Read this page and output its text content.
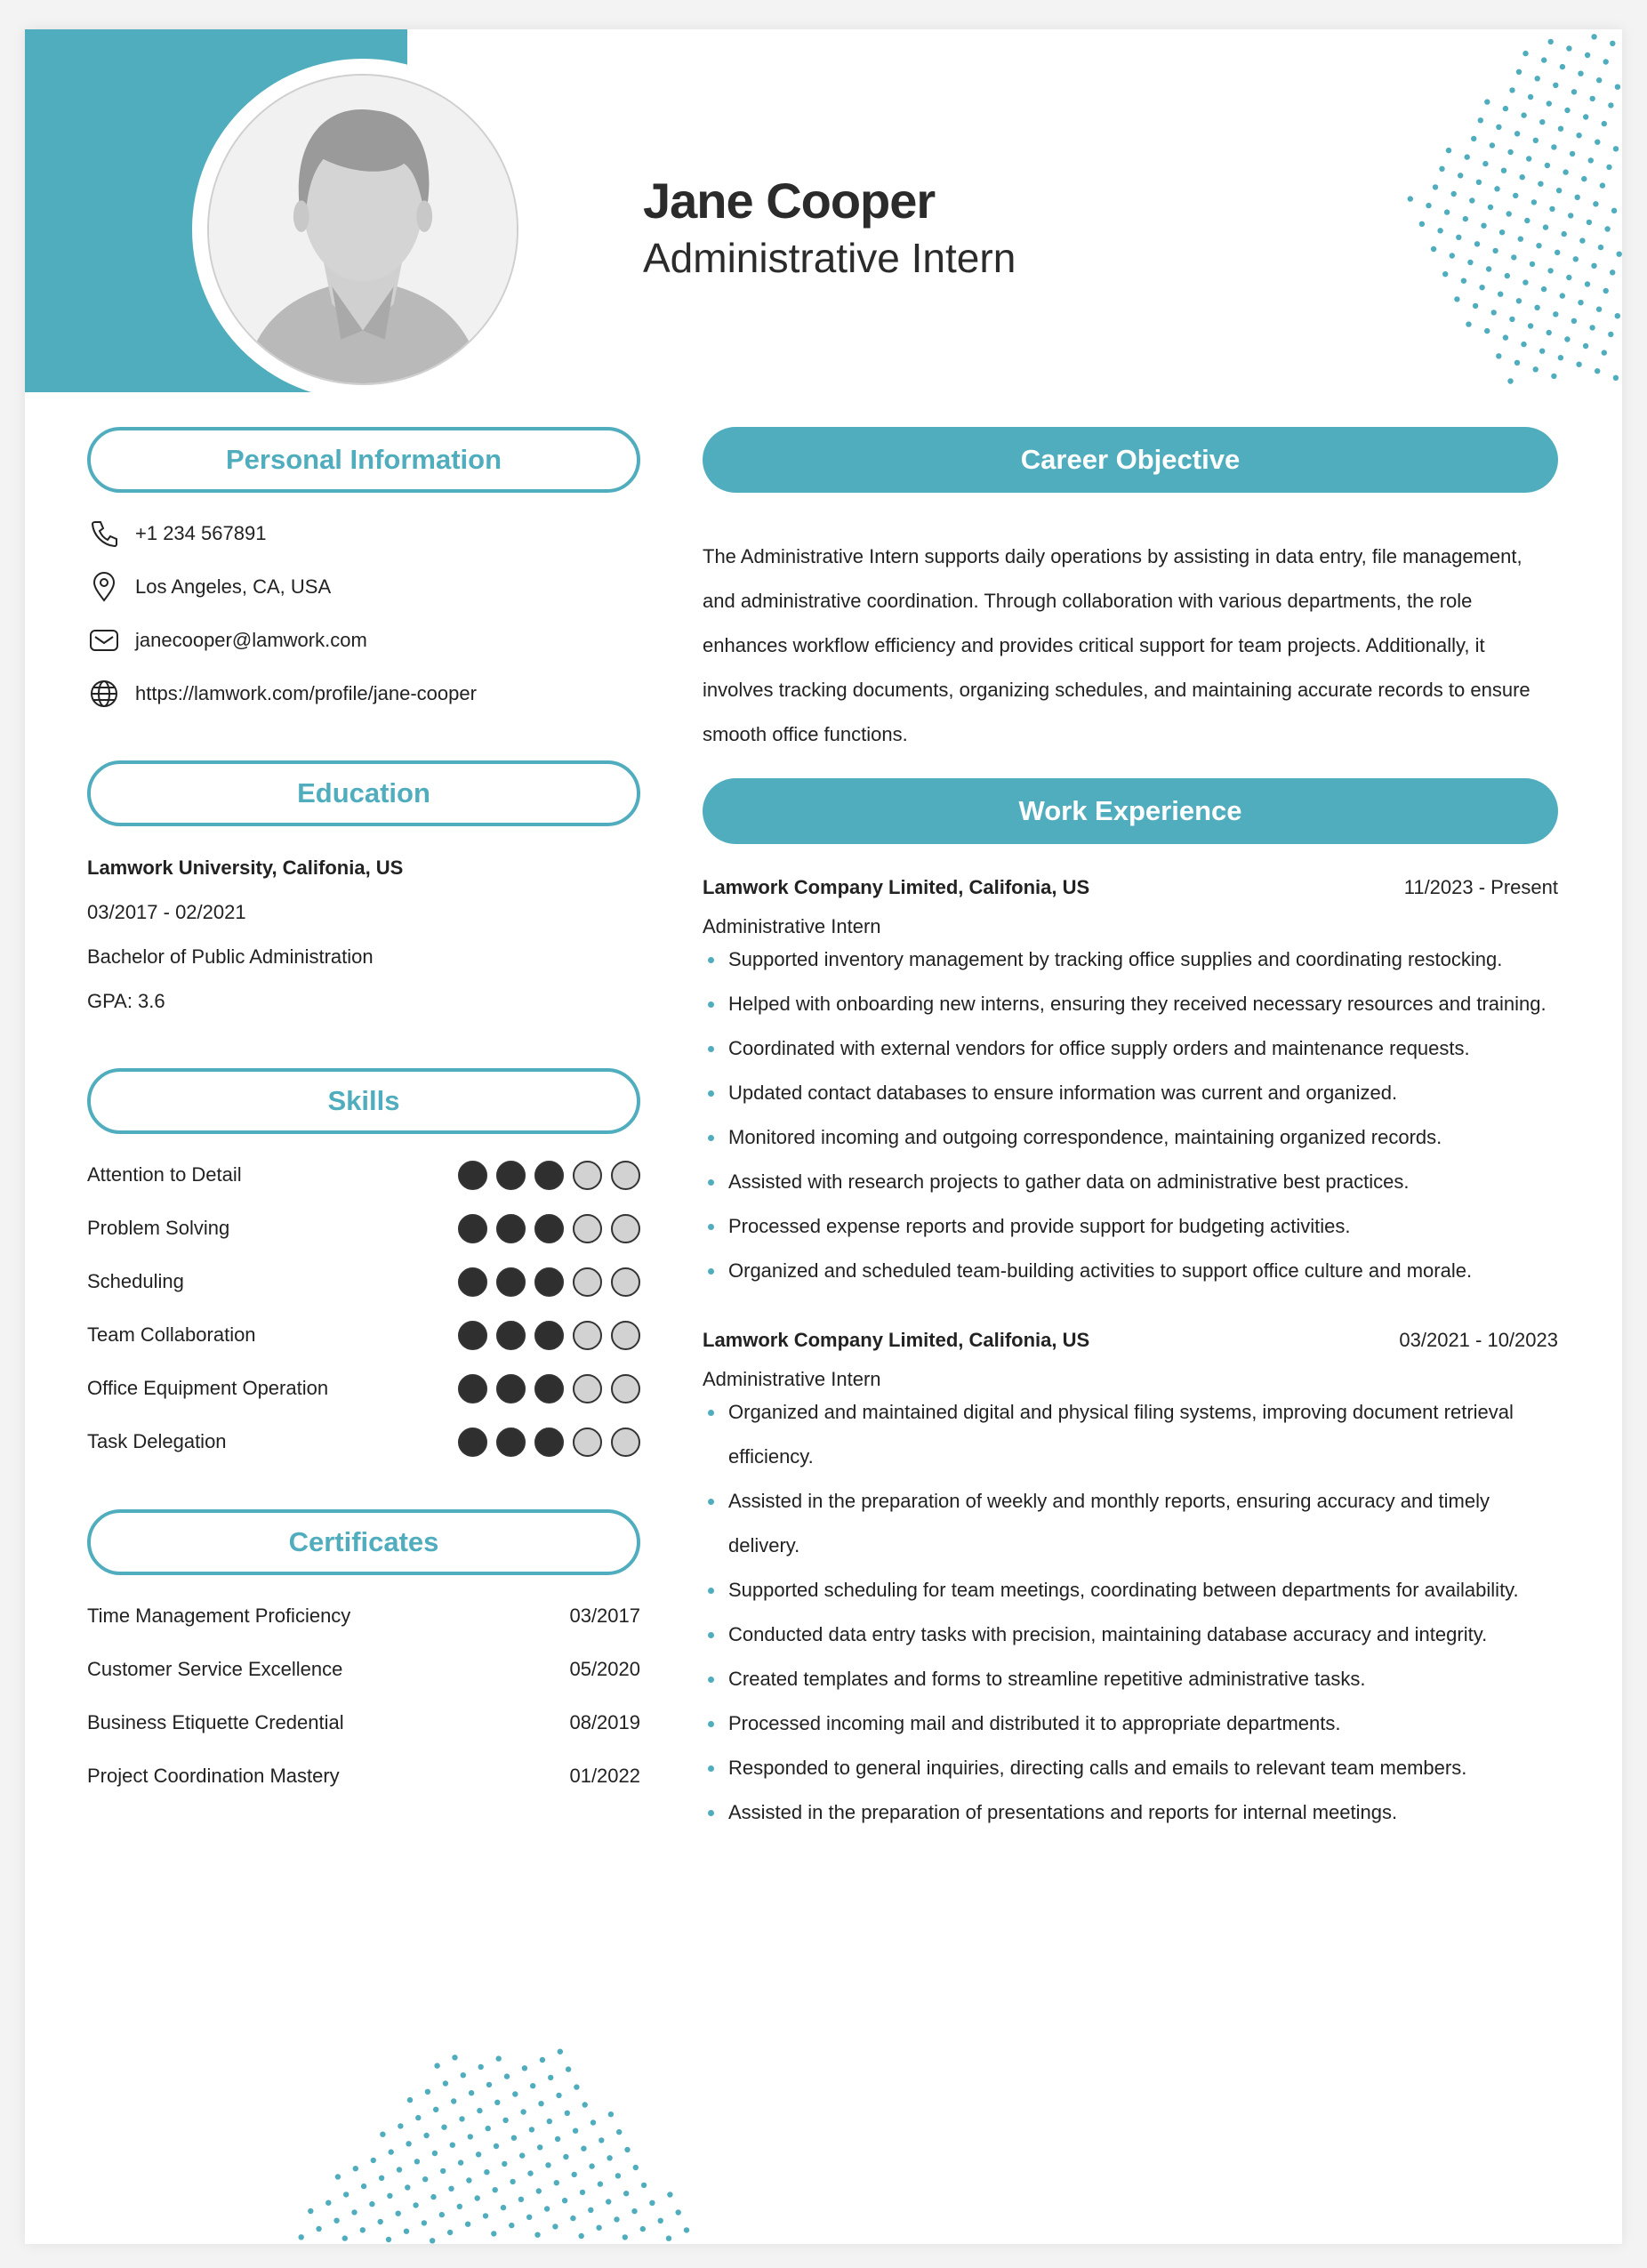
Jane Cooper
Administrative Intern
Personal Information
+1 234 567891
Los Angeles, CA, USA
janecooper@lamwork.com
https://lamwork.com/profile/jane-cooper
Education
Lamwork University, Califonia, US
03/2017 - 02/2021
Bachelor of Public Administration
GPA: 3.6
Skills
Attention to Detail
Problem Solving
Scheduling
Team Collaboration
Office Equipment Operation
Task Delegation
Certificates
Time Management Proficiency	03/2017
Customer Service Excellence	05/2020
Business Etiquette Credential	08/2019
Project Coordination Mastery	01/2022
Career Objective
The Administrative Intern supports daily operations by assisting in data entry, file management, and administrative coordination. Through collaboration with various departments, the role enhances workflow efficiency and provides critical support for team projects. Additionally, it involves tracking documents, organizing schedules, and maintaining accurate records to ensure smooth office functions.
Work Experience
Lamwork Company Limited, Califonia, US	11/2023 - Present
Administrative Intern
Supported inventory management by tracking office supplies and coordinating restocking.
Helped with onboarding new interns, ensuring they received necessary resources and training.
Coordinated with external vendors for office supply orders and maintenance requests.
Updated contact databases to ensure information was current and organized.
Monitored incoming and outgoing correspondence, maintaining organized records.
Assisted with research projects to gather data on administrative best practices.
Processed expense reports and provide support for budgeting activities.
Organized and scheduled team-building activities to support office culture and morale.
Lamwork Company Limited, Califonia, US	03/2021 - 10/2023
Administrative Intern
Organized and maintained digital and physical filing systems, improving document retrieval efficiency.
Assisted in the preparation of weekly and monthly reports, ensuring accuracy and timely delivery.
Supported scheduling for team meetings, coordinating between departments for availability.
Conducted data entry tasks with precision, maintaining database accuracy and integrity.
Created templates and forms to streamline repetitive administrative tasks.
Processed incoming mail and distributed it to appropriate departments.
Responded to general inquiries, directing calls and emails to relevant team members.
Assisted in the preparation of presentations and reports for internal meetings.
